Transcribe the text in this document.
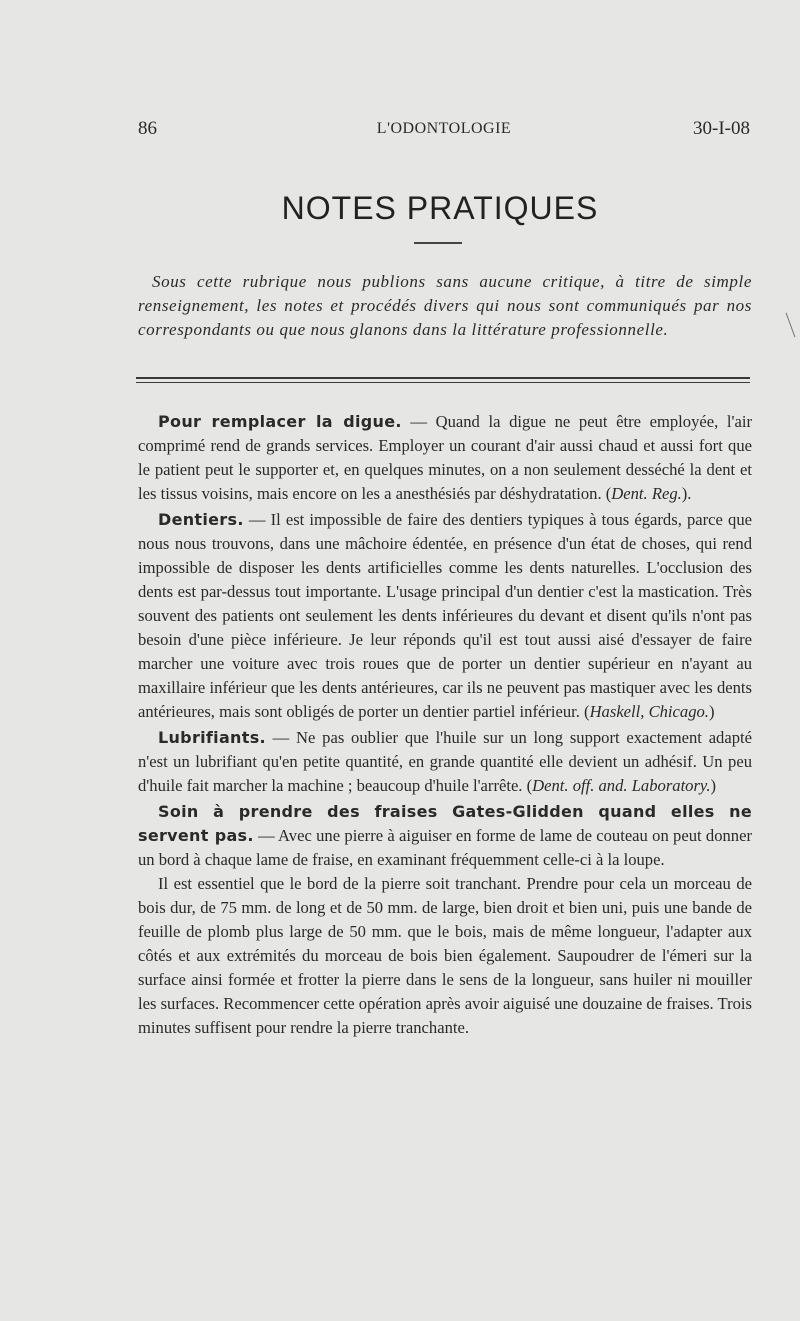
86	L'ODONTOLOGIE	30-I-08
NOTES PRATIQUES
Sous cette rubrique nous publions sans aucune critique, à titre de simple renseignement, les notes et procédés divers qui nous sont communiqués par nos correspondants ou que nous glanons dans la littérature professionnelle.

Pour remplacer la digue. — Quand la digue ne peut être employée, l'air comprimé rend de grands services. Employer un courant d'air aussi chaud et aussi fort que le patient peut le supporter et, en quelques minutes, on a non seulement desséché la dent et les tissus voisins, mais encore on les a anesthésiés par déshydratation. (Dent. Reg.).

Dentiers. — Il est impossible de faire des dentiers typiques à tous égards, parce que nous nous trouvons, dans une mâchoire édentée, en présence d'un état de choses, qui rend impossible de disposer les dents artificielles comme les dents naturelles. L'occlusion des dents est par-dessus tout importante. L'usage principal d'un dentier c'est la mastication. Très souvent des patients ont seulement les dents inférieures du devant et disent qu'ils n'ont pas besoin d'une pièce inférieure. Je leur réponds qu'il est tout aussi aisé d'essayer de faire marcher une voiture avec trois roues que de porter un dentier supérieur en n'ayant au maxillaire inférieur que les dents antérieures, car ils ne peuvent pas mastiquer avec les dents antérieures, mais sont obligés de porter un dentier partiel inférieur. (Haskell, Chicago.)

Lubrifiants. — Ne pas oublier que l'huile sur un long support exactement adapté n'est un lubrifiant qu'en petite quantité, en grande quantité elle devient un adhésif. Un peu d'huile fait marcher la machine ; beaucoup d'huile l'arrête. (Dent. off. and. Laboratory.)

Soin à prendre des fraises Gates-Glidden quand elles ne servent pas. — Avec une pierre à aiguiser en forme de lame de couteau on peut donner un bord à chaque lame de fraise, en examinant fréquemment celle-ci à la loupe.

Il est essentiel que le bord de la pierre soit tranchant. Prendre pour cela un morceau de bois dur, de 75 mm. de long et de 50 mm. de large, bien droit et bien uni, puis une bande de feuille de plomb plus large de 50 mm. que le bois, mais de même longueur, l'adapter aux côtés et aux extrémités du morceau de bois bien également. Saupoudrer de l'émeri sur la surface ainsi formée et frotter la pierre dans le sens de la longueur, sans huiler ni mouiller les surfaces. Recommencer cette opération après avoir aiguisé une douzaine de fraises. Trois minutes suffisent pour rendre la pierre tranchante.
